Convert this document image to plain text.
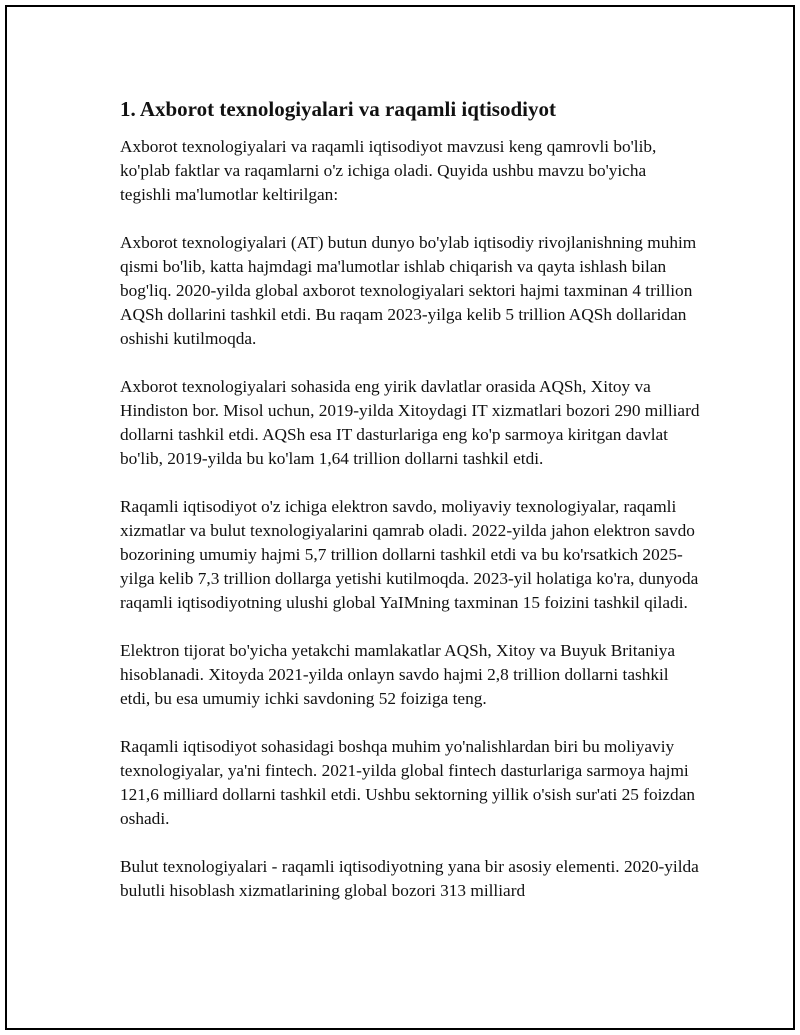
1. Axborot texnologiyalari va raqamli iqtisodiyot

Axborot texnologiyalari va raqamli iqtisodiyot mavzusi keng qamrovli bo'lib, ko'plab faktlar va raqamlarni o'z ichiga oladi. Quyida ushbu mavzu bo'yicha tegishli ma'lumotlar keltirilgan:

Axborot texnologiyalari (AT) butun dunyo bo'ylab iqtisodiy rivojlanishning muhim qismi bo'lib, katta hajmdagi ma'lumotlar ishlab chiqarish va qayta ishlash bilan bog'liq. 2020-yilda global axborot texnologiyalari sektori hajmi taxminan 4 trillion AQSh dollarini tashkil etdi. Bu raqam 2023-yilga kelib 5 trillion AQSh dollaridan oshishi kutilmoqda.

Axborot texnologiyalari sohasida eng yirik davlatlar orasida AQSh, Xitoy va Hindiston bor. Misol uchun, 2019-yilda Xitoydagi IT xizmatlari bozori 290 milliard dollarni tashkil etdi. AQSh esa IT dasturlariga eng ko'p sarmoya kiritgan davlat bo'lib, 2019-yilda bu ko'lam 1,64 trillion dollarni tashkil etdi.

Raqamli iqtisodiyot o'z ichiga elektron savdo, moliyaviy texnologiyalar, raqamli xizmatlar va bulut texnologiyalarini qamrab oladi. 2022-yilda jahon elektron savdo bozorining umumiy hajmi 5,7 trillion dollarni tashkil etdi va bu ko'rsatkich 2025-yilga kelib 7,3 trillion dollarga yetishi kutilmoqda. 2023-yil holatiga ko'ra, dunyoda raqamli iqtisodiyotning ulushi global YaIMning taxminan 15 foizini tashkil qiladi.

Elektron tijorat bo'yicha yetakchi mamlakatlar AQSh, Xitoy va Buyuk Britaniya hisoblanadi. Xitoyda 2021-yilda onlayn savdo hajmi 2,8 trillion dollarni tashkil etdi, bu esa umumiy ichki savdoning 52 foiziga teng.

Raqamli iqtisodiyot sohasidagi boshqa muhim yo'nalishlardan biri bu moliyaviy texnologiyalar, ya'ni fintech. 2021-yilda global fintech dasturlariga sarmoya hajmi 121,6 milliard dollarni tashkil etdi. Ushbu sektorning yillik o'sish sur'ati 25 foizdan oshadi.

Bulut texnologiyalari - raqamli iqtisodiyotning yana bir asosiy elementi. 2020-yilda bulutli hisoblash xizmatlarining global bozori 313 milliard
